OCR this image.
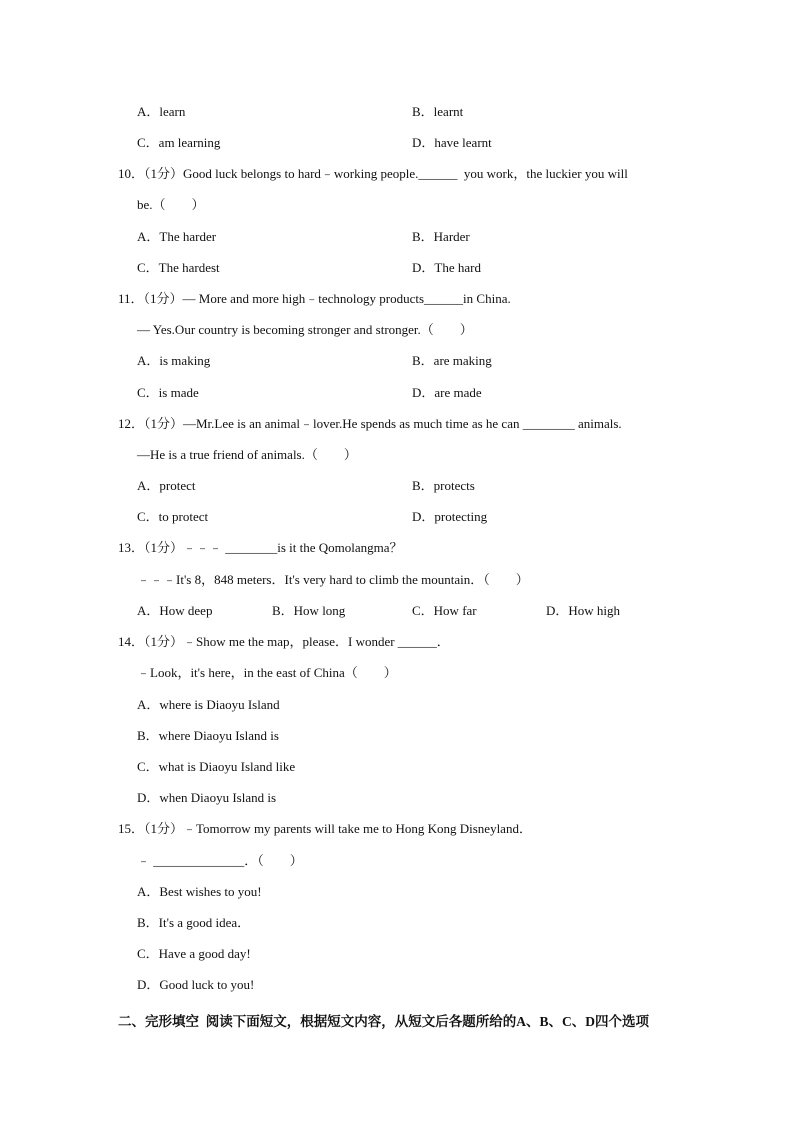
A．learn	B．learnt
C．am learning	D．have learnt
10．（1分）Good luck belongs to hard﹣working people.______  you work，the luckier you will
be.（　　）
A．The harder	B．Harder
C．The hardest	D．The hard
11．（1分）— More and more high﹣technology products______in China.
— Yes.Our country is becoming stronger and stronger.（　　）
A．is making	B．are making
C．is made	D．are made
12．（1分）—Mr.Lee is an animal﹣lover.He spends as much time as he can ________ animals.
—He is a true friend of animals.（　　）
A．protect	B．protects
C．to protect	D．protecting
13．（1分）﹣﹣﹣ ________is it the Qomolangma？
﹣﹣﹣It's 8，848 meters．It's very hard to climb the mountain．（　　）
A．How deep	B．How long	C．How far	D．How high
14．（1分）﹣Show me the map，please．I wonder ______．
﹣Look，it's here，in the east of China（　　）
A．where is Diaoyu Island
B．where Diaoyu Island is
C．what is Diaoyu Island like
D．when Diaoyu Island is
15．（1分）﹣Tomorrow my parents will take me to Hong Kong Disneyland．
﹣ ______________．（　　）
A．Best wishes to you!
B．It's a good idea．
C．Have a good day!
D．Good luck to you!
二、完形填空  阅读下面短文，根据短文内容，从短文后各题所给的A、B、C、D四个选项
